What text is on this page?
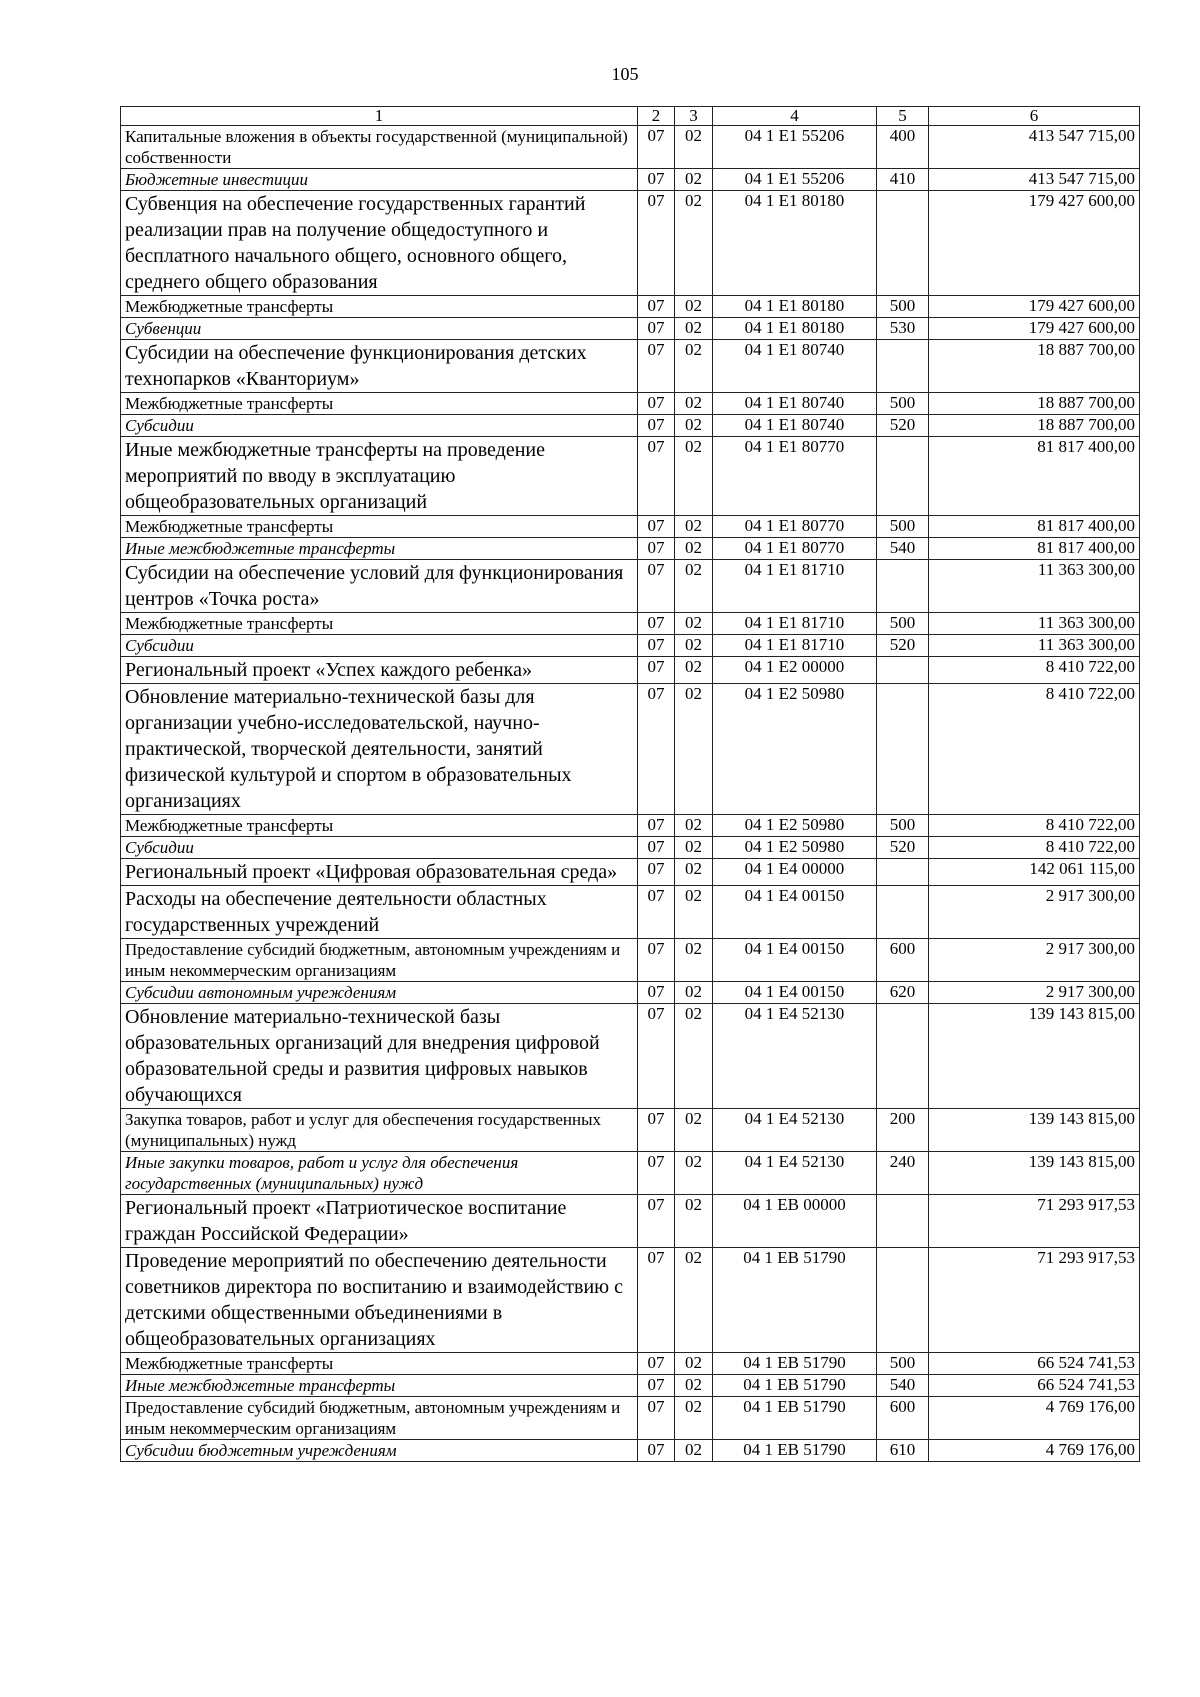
105
1	2	3	4	5	6
Капитальные вложения в объекты государственной (муниципальной) собственности	07	02	04 1 E1 55206	400	413 547 715,00
Бюджетные инвестиции	07	02	04 1 E1 55206	410	413 547 715,00
Субвенция на обеспечение государственных гарантий реализации прав на получение общедоступного и бесплатного начального общего, основного общего, среднего общего образования	07	02	04 1 E1 80180		179 427 600,00
Межбюджетные трансферты	07	02	04 1 E1 80180	500	179 427 600,00
Субвенции	07	02	04 1 E1 80180	530	179 427 600,00
Субсидии на обеспечение функционирования детских технопарков «Кванториум»	07	02	04 1 E1 80740		18 887 700,00
Межбюджетные трансферты	07	02	04 1 E1 80740	500	18 887 700,00
Субсидии	07	02	04 1 E1 80740	520	18 887 700,00
Иные межбюджетные трансферты на проведение мероприятий по вводу в эксплуатацию общеобразовательных организаций	07	02	04 1 E1 80770		81 817 400,00
Межбюджетные трансферты	07	02	04 1 E1 80770	500	81 817 400,00
Иные межбюджетные трансферты	07	02	04 1 E1 80770	540	81 817 400,00
Субсидии на обеспечение условий для функционирования центров «Точка роста»	07	02	04 1 E1 81710		11 363 300,00
Межбюджетные трансферты	07	02	04 1 E1 81710	500	11 363 300,00
Субсидии	07	02	04 1 E1 81710	520	11 363 300,00
Региональный проект «Успех каждого ребенка»	07	02	04 1 E2 00000		8 410 722,00
Обновление материально-технической базы для организации учебно-исследовательской, научно-практической, творческой деятельности, занятий физической культурой и спортом в образовательных организациях	07	02	04 1 E2 50980		8 410 722,00
Межбюджетные трансферты	07	02	04 1 E2 50980	500	8 410 722,00
Субсидии	07	02	04 1 E2 50980	520	8 410 722,00
Региональный проект «Цифровая образовательная среда»	07	02	04 1 E4 00000		142 061 115,00
Расходы на обеспечение деятельности областных государственных учреждений	07	02	04 1 E4 00150		2 917 300,00
Предоставление субсидий бюджетным, автономным учреждениям и иным некоммерческим организациям	07	02	04 1 E4 00150	600	2 917 300,00
Субсидии автономным учреждениям	07	02	04 1 E4 00150	620	2 917 300,00
Обновление материально-технической базы образовательных организаций для внедрения цифровой образовательной среды и развития цифровых навыков обучающихся	07	02	04 1 E4 52130		139 143 815,00
Закупка товаров, работ и услуг для обеспечения государственных (муниципальных) нужд	07	02	04 1 E4 52130	200	139 143 815,00
Иные закупки товаров, работ и услуг для обеспечения государственных (муниципальных) нужд	07	02	04 1 E4 52130	240	139 143 815,00
Региональный проект «Патриотическое воспитание граждан Российской Федерации»	07	02	04 1 EB 00000		71 293 917,53
Проведение мероприятий по обеспечению деятельности советников директора по воспитанию и взаимодействию с детскими общественными объединениями в общеобразовательных организациях	07	02	04 1 EB 51790		71 293 917,53
Межбюджетные трансферты	07	02	04 1 EB 51790	500	66 524 741,53
Иные межбюджетные трансферты	07	02	04 1 EB 51790	540	66 524 741,53
Предоставление субсидий бюджетным, автономным учреждениям и иным некоммерческим организациям	07	02	04 1 EB 51790	600	4 769 176,00
Субсидии бюджетным учреждениям	07	02	04 1 EB 51790	610	4 769 176,00
